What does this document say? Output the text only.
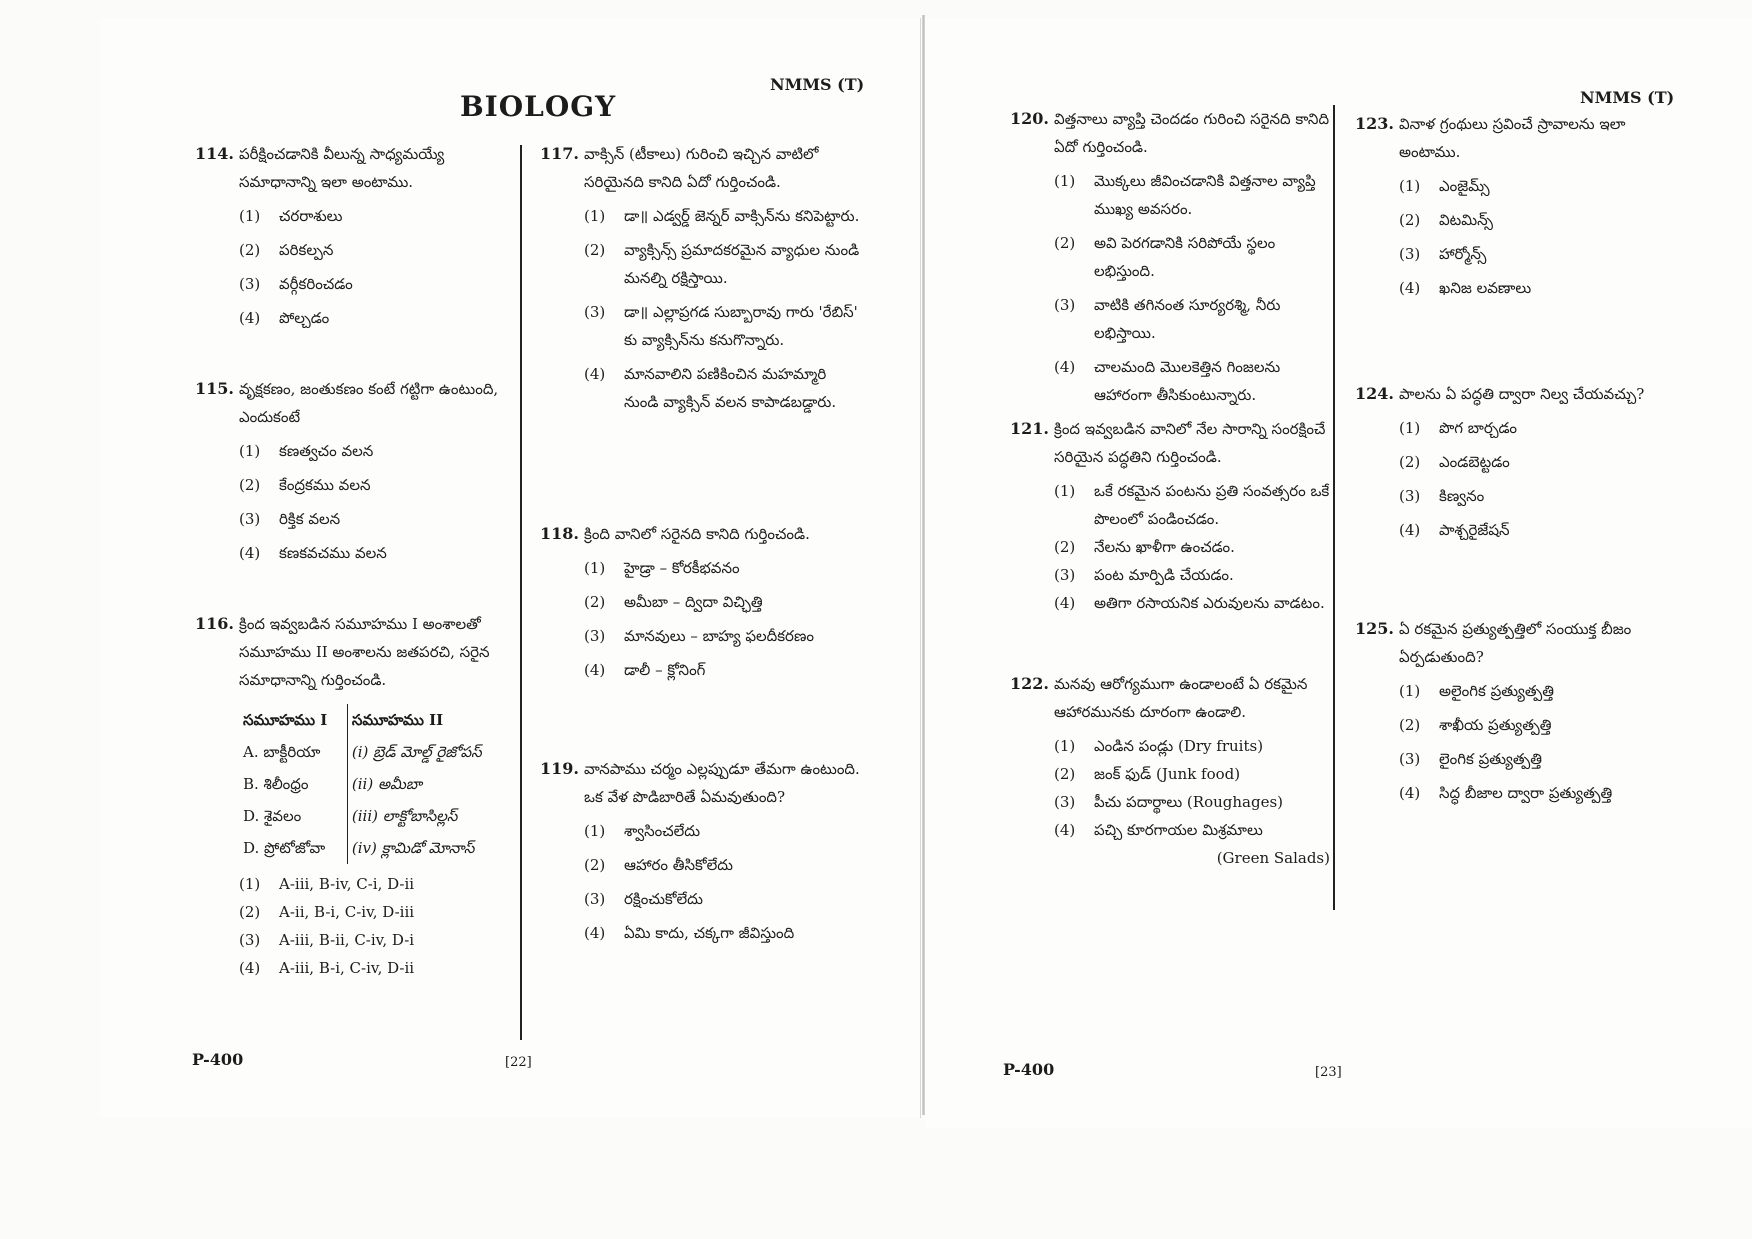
NMMS (T)
BIOLOGY
114. పరీక్షించడానికి వీలున్న సాధ్యమయ్యే సమాధానాన్ని ఇలా అంటాము.
(1)	చరరాశులు
(2)	పరికల్పన
(3)	వర్గీకరించడం
(4)	పోల్చడం
115. వృక్షకణం, జంతుకణం కంటే గట్టిగా ఉంటుంది, ఎందుకంటే
(1)	కణత్వచం వలన
(2)	కేంద్రకము వలన
(3)	రిక్తిక వలన
(4)	కణకవచము వలన
116. క్రింద ఇవ్వబడిన సమూహము I అంశాలతో సమూహము II అంశాలను జతపరచి, సరైన సమాధానాన్ని గుర్తించండి.
సమూహము I	సమూహము II
A. బాక్టీరియా	(i) బ్రెడ్ మోల్డ్ రైజోపస్
B. శిలీంధ్రం	(ii) అమీబా
D. శైవలం	(iii) లాక్టోబాసిల్లస్
D. ప్రోటోజోవా	(iv) క్లామిడో మోనాస్
(1)	A-iii, B-iv, C-i, D-ii
(2)	A-ii, B-i, C-iv, D-iii
(3)	A-iii, B-ii, C-iv, D-i
(4)	A-iii, B-i, C-iv, D-ii
117. వాక్సిన్ (టీకాలు) గురించి ఇచ్చిన వాటిలో సరియైనది కానిది ఏదో గుర్తించండి.
(1)	డా॥ ఎడ్వర్డ్ జెన్నర్ వాక్సిన్‌ను కనిపెట్టారు.
(2)	వ్యాక్సిన్స్ ప్రమాదకరమైన వ్యాధుల నుండి మనల్ని రక్షిస్తాయి.
(3)	డా॥ ఎల్లాప్రగడ సుబ్బారావు గారు 'రేబిస్' కు వ్యాక్సిన్‌ను కనుగొన్నారు.
(4)	మానవాలిని పణికించిన మహమ్మారి నుండి వ్యాక్సిన్ వలన కాపాడబడ్డారు.
118. క్రింది వానిలో సరైనది కానిది గుర్తించండి.
(1)	హైడ్రా – కోరకీభవనం
(2)	అమీబా – ద్విదా విచ్ఛిత్తి
(3)	మానవులు – బాహ్య ఫలదీకరణం
(4)	డాలీ – క్లోనింగ్
119. వానపాము చర్మం ఎల్లప్పుడూ తేమగా ఉంటుంది. ఒక వేళ పొడిబారితే ఏమవుతుంది?
(1)	శ్వాసించలేదు
(2)	ఆహారం తీసికోలేదు
(3)	రక్షించుకోలేదు
(4)	ఏమి కాదు, చక్కగా జీవిస్తుంది
P-400	[22]
NMMS (T)
120. విత్తనాలు వ్యాప్తి చెందడం గురించి సరైనది కానిది ఏదో గుర్తించండి.
(1)	మొక్కలు జీవించడానికి విత్తనాల వ్యాప్తి ముఖ్య అవసరం.
(2)	అవి పెరగడానికి సరిపోయే స్థలం లభిస్తుంది.
(3)	వాటికి తగినంత సూర్యరశ్మి, నీరు లభిస్తాయి.
(4)	చాలమంది మొలకెత్తిన గింజలను ఆహారంగా తీసికుంటున్నారు.
121. క్రింద ఇవ్వబడిన వానిలో నేల సారాన్ని సంరక్షించే సరియైన పద్ధతిని గుర్తించండి.
(1)	ఒకే రకమైన పంటను ప్రతి సంవత్సరం ఒకే పొలంలో పండించడం.
(2)	నేలను ఖాళీగా ఉంచడం.
(3)	పంట మార్పిడి చేయడం.
(4)	అతిగా రసాయనిక ఎరువులను వాడటం.
122. మనవు ఆరోగ్యముగా ఉండాలంటే ఏ రకమైన ఆహారమునకు దూరంగా ఉండాలి.
(1)	ఎండిన పండ్లు (Dry fruits)
(2)	జంక్ ఫుడ్ (Junk food)
(3)	పీచు పదార్థాలు (Roughages)
(4)	పచ్చి కూరగాయల మిశ్రమాలు
(Green Salads)
123. వినాళ గ్రంథులు స్రవించే స్రావాలను ఇలా అంటాము.
(1)	ఎంజైమ్స్
(2)	విటమిన్స్
(3)	హార్మోన్స్
(4)	ఖనిజ లవణాలు
124. పాలను ఏ పద్ధతి ద్వారా నిల్వ చేయవచ్చు?
(1)	పొగ బార్చడం
(2)	ఎండబెట్టడం
(3)	కిణ్వనం
(4)	పాశ్చరైజేషన్
125. ఏ రకమైన ప్రత్యుత్పత్తిలో సంయుక్త బీజం ఏర్పడుతుంది?
(1)	అలైంగిక ప్రత్యుత్పత్తి
(2)	శాఖీయ ప్రత్యుత్పత్తి
(3)	లైంగిక ప్రత్యుత్పత్తి
(4)	సిద్ధ బీజాల ద్వారా ప్రత్యుత్పత్తి
P-400	[23]
